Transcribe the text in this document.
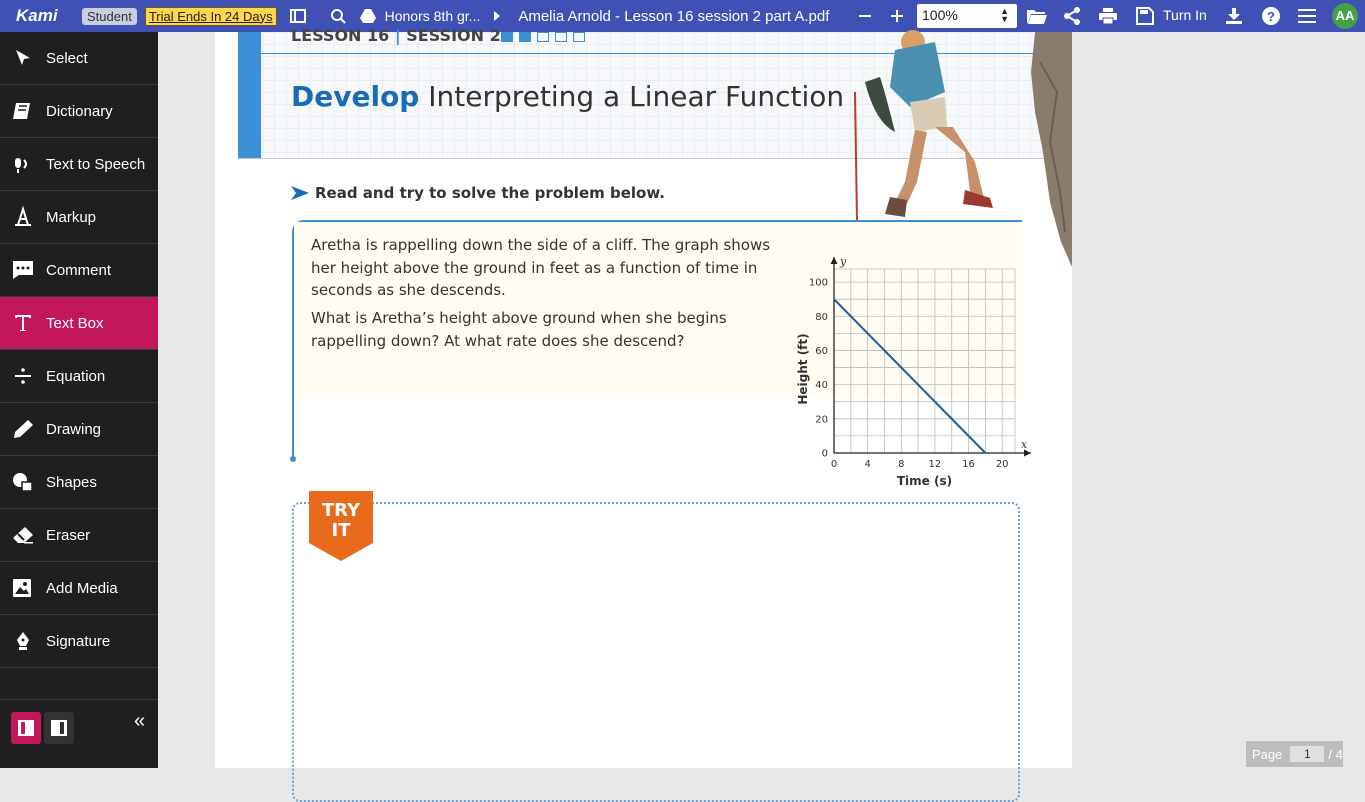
Kami	Student	Trial Ends In 24 Days	Honors 8th gr...	Amelia Arnold - Lesson 16 session 2 part A.pdf	100%	▲
▼	Turn In	?	AA
Select
Dictionary
Text to Speech
Markup
Comment
Text Box
Equation
Drawing
Shapes
Eraser
Add Media
Signature
«
LESSON 16 | SESSION 2
Develop Interpreting a Linear Function
Read and try to solve the problem below.
Aretha is rappelling down the side of a cliff. The graph shows
her height above the ground in feet as a function of time in
seconds as she descends.
What is Aretha’s height above ground when she begins
rappelling down? At what rate does she descend?
0	4	8 12 16 20
0
20
40
60
80
100
x
y
Time (s)
Height (ft)
TRY
IT
Page	1	/ 4
